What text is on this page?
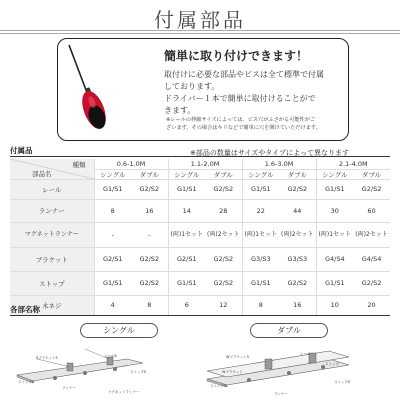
付属部品
簡単に取り付けできます！
取付けに必要な部品やビスは全て標準で付属
しております。
ドライバー１本で簡単に取付けることがで
きます。
※レールの伸縮サイズによっては、ビス穴がふさがる可能性がご
ざいます。その場合はキリなどで簡単に穴を開けていただけます。
付属品	※部品の数量はサイズやタイプによって異なります
種類
部品名	0.6-1.0M		1.1-2.0M		1.6-3.0M		2.1-4.0M	
	シングル	ダブル	シングル	ダブル	シングル	ダブル	シングル	ダブル
レール	G1/S1	G2/S2	G1/S1	G2/S2	G1/S1	G2/S2	G1/S1	G2/S2
ランナー	8	16	14	28	22	44	30	60
マグネットランナー	-	-	(両)1セット	(両)2セット	(両)1セット	(両)2セット	(両)1セット	(両)2セット
ブラケット	G2/S1	G2/S2	G2/S1	G2/S2	G3/S3	G3/S3	G4/S4	G4/S4
ストップ	G1/S1	G2/S2	G1/S1	G2/S2	G1/S1	G2/S2	G1/S1	G2/S2
木ネジ	4	8	6	12	8	16	10	20
各部名称
シングル	ダブル
Sブラケット5	レール8
ストップS
ランナー
マグネットランナー
ストップG
Wブラケット5
レール
Wブラケット
ストップ
ストップG
ストップS
ランナー
